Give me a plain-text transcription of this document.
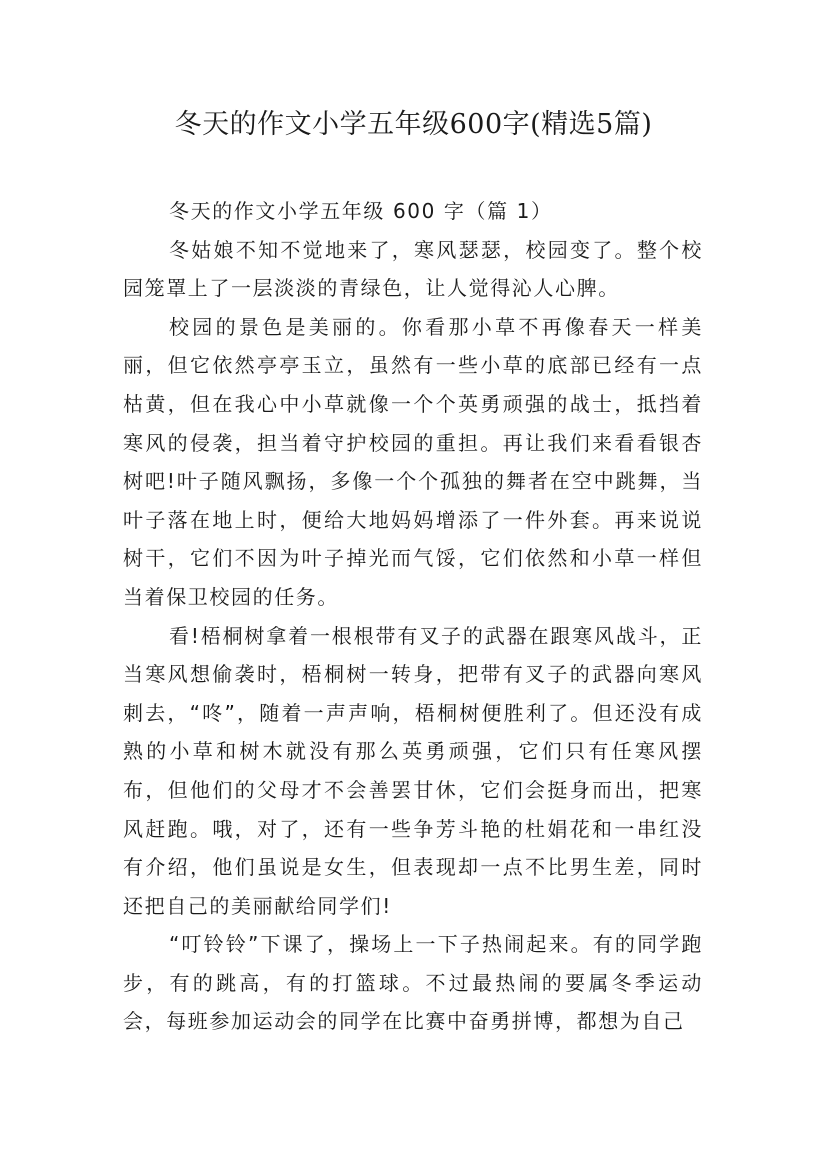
冬天的作文小学五年级600字(精选5篇)
冬天的作文小学五年级 600 字（篇 1）

冬姑娘不知不觉地来了，寒风瑟瑟，校园变了。整个校园笼罩上了一层淡淡的青绿色，让人觉得沁人心脾。

校园的景色是美丽的。你看那小草不再像春天一样美丽，但它依然亭亭玉立，虽然有一些小草的底部已经有一点枯黄，但在我心中小草就像一个个英勇顽强的战士，抵挡着寒风的侵袭，担当着守护校园的重担。再让我们来看看银杏树吧!叶子随风飘扬，多像一个个孤独的舞者在空中跳舞，当叶子落在地上时，便给大地妈妈增添了一件外套。再来说说树干，它们不因为叶子掉光而气馁，它们依然和小草一样但当着保卫校园的任务。

看!梧桐树拿着一根根带有叉子的武器在跟寒风战斗，正当寒风想偷袭时，梧桐树一转身，把带有叉子的武器向寒风刺去，“咚”，随着一声声响，梧桐树便胜利了。但还没有成熟的小草和树木就没有那么英勇顽强，它们只有任寒风摆布，但他们的父母才不会善罢甘休，它们会挺身而出，把寒风赶跑。哦，对了，还有一些争芳斗艳的杜娟花和一串红没有介绍，他们虽说是女生，但表现却一点不比男生差，同时还把自己的美丽献给同学们!

“叮铃铃”下课了，操场上一下子热闹起来。有的同学跑步，有的跳高，有的打篮球。不过最热闹的要属冬季运动会，每班参加运动会的同学在比赛中奋勇拼博，都想为自己
